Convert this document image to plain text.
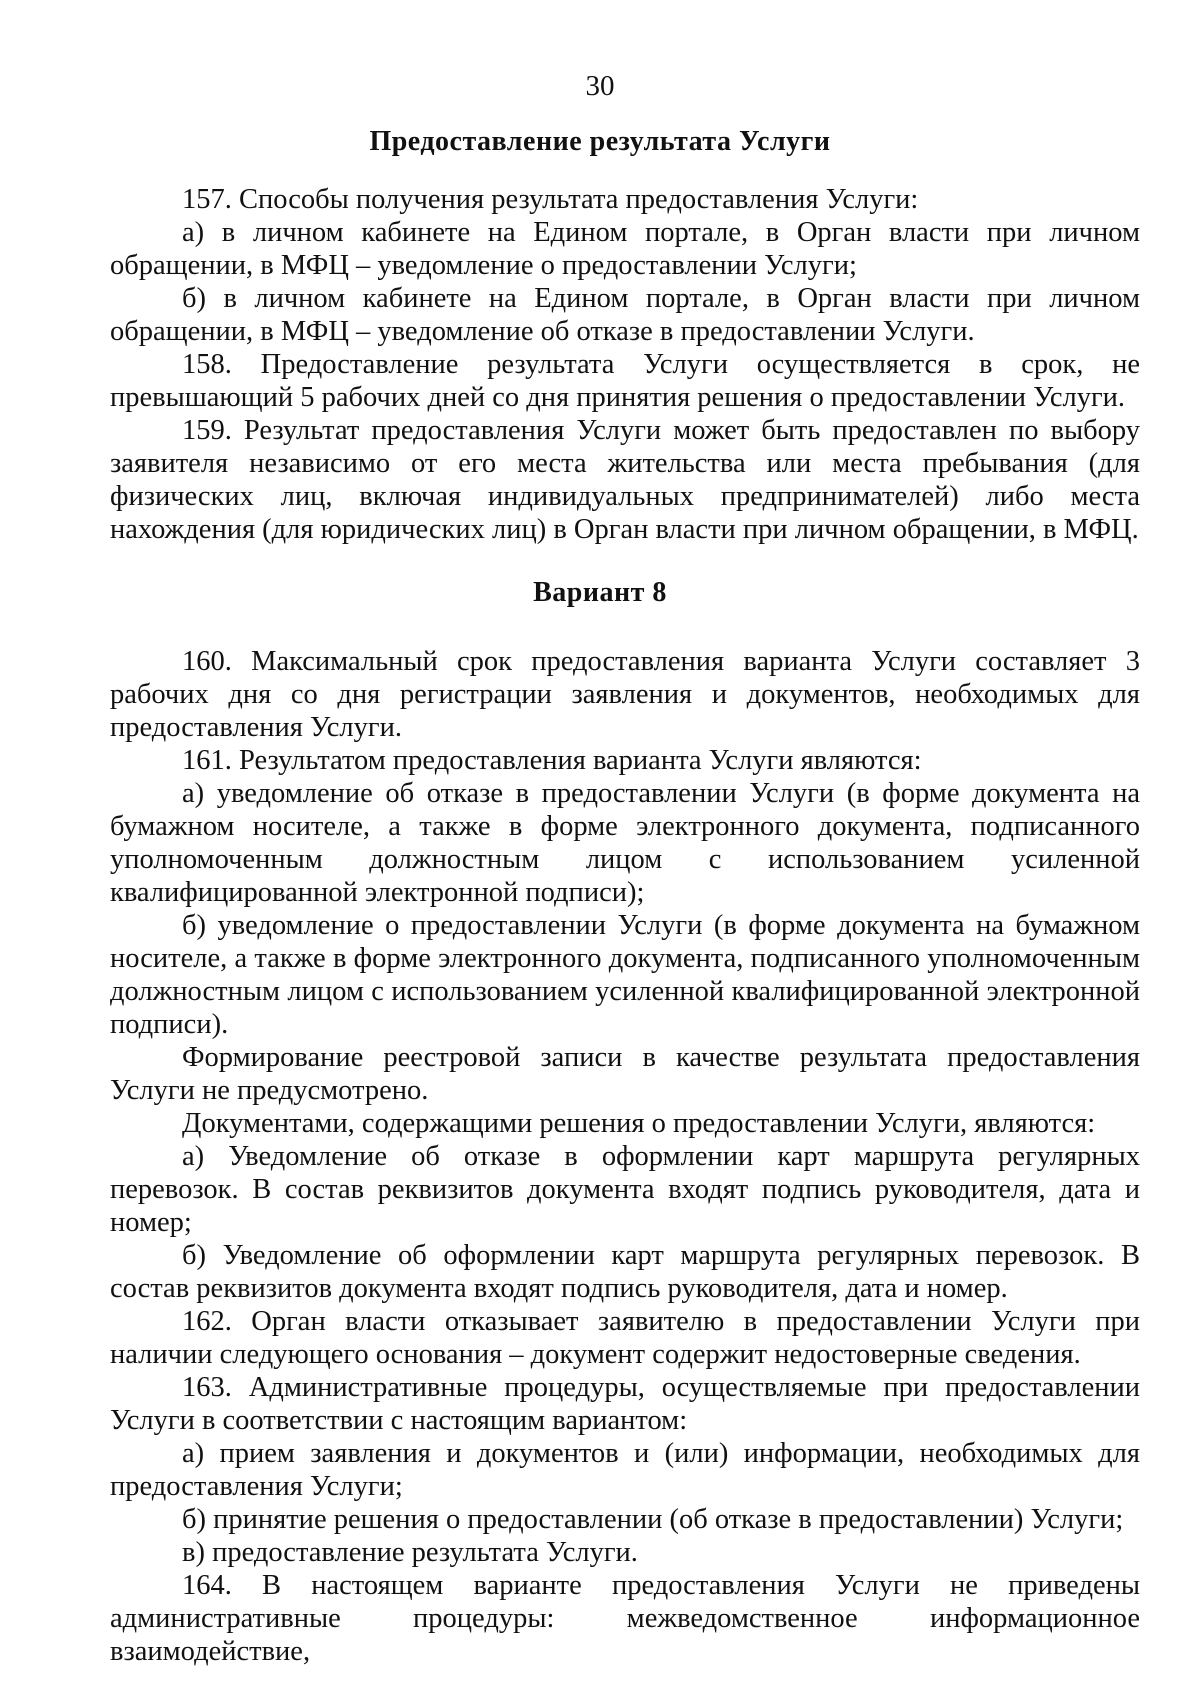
30
Предоставление результата Услуги

157. Способы получения результата предоставления Услуги:

а) в личном кабинете на Едином портале, в Орган власти при личном обращении, в МФЦ – уведомление о предоставлении Услуги;

б) в личном кабинете на Едином портале, в Орган власти при личном обращении, в МФЦ – уведомление об отказе в предоставлении Услуги.

158. Предоставление результата Услуги осуществляется в срок, не превышающий 5 рабочих дней со дня принятия решения о предоставлении Услуги.

159. Результат предоставления Услуги может быть предоставлен по выбору заявителя независимо от его места жительства или места пребывания (для физических лиц, включая индивидуальных предпринимателей) либо места нахождения (для юридических лиц) в Орган власти при личном обращении, в МФЦ.

Вариант 8

160. Максимальный срок предоставления варианта Услуги составляет 3 рабочих дня со дня регистрации заявления и документов, необходимых для предоставления Услуги.

161. Результатом предоставления варианта Услуги являются:

а) уведомление об отказе в предоставлении Услуги (в форме документа на бумажном носителе, а также в форме электронного документа, подписанного уполномоченным должностным лицом с использованием усиленной квалифицированной электронной подписи);

б) уведомление о предоставлении Услуги (в форме документа на бумажном носителе, а также в форме электронного документа, подписанного уполномоченным должностным лицом с использованием усиленной квалифицированной электронной подписи).

Формирование реестровой записи в качестве результата предоставления Услуги не предусмотрено.

Документами, содержащими решения о предоставлении Услуги, являются:

а) Уведомление об отказе в оформлении карт маршрута регулярных перевозок. В состав реквизитов документа входят подпись руководителя, дата и номер;

б) Уведомление об оформлении карт маршрута регулярных перевозок. В состав реквизитов документа входят подпись руководителя, дата и номер.

162. Орган власти отказывает заявителю в предоставлении Услуги при наличии следующего основания – документ содержит недостоверные сведения.

163. Административные процедуры, осуществляемые при предоставлении Услуги в соответствии с настоящим вариантом:

а) прием заявления и документов и (или) информации, необходимых для предоставления Услуги;

б) принятие решения о предоставлении (об отказе в предоставлении) Услуги;

в) предоставление результата Услуги.

164. В настоящем варианте предоставления Услуги не приведены административные процедуры: межведомственное информационное взаимодействие,
